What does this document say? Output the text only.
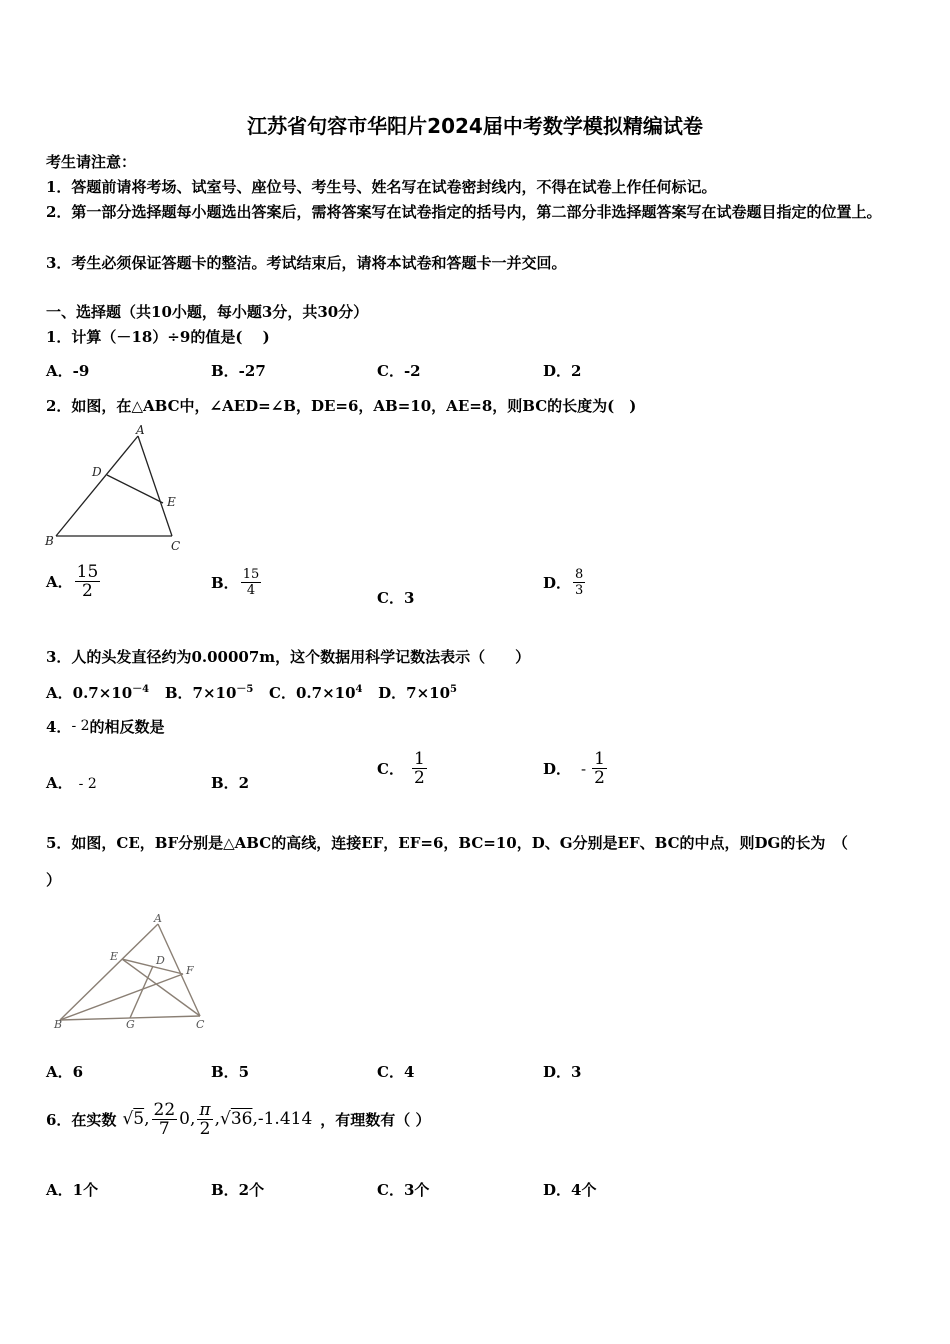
江苏省句容市华阳片2024届中考数学模拟精编试卷
考生请注意：
1．答题前请将考场、试室号、座位号、考生号、姓名写在试卷密封线内，不得在试卷上作任何标记。
2．第一部分选择题每小题选出答案后，需将答案写在试卷指定的括号内，第二部分非选择题答案写在试卷题目指定的位置上。
3．考生必须保证答题卡的整洁。考试结束后，请将本试卷和答题卡一并交回。
一、选择题（共10小题，每小题3分，共30分）
1．计算（－18）÷9的值是(　 )
A．-9	B．-27	C．-2	D．2
2．如图，在△ABC中，∠AED=∠B，DE=6，AB=10，AE=8，则BC的长度为(　)
A
D
E
B	C
A． $\frac{15}{2}$	B． $\frac{15}{4}$	C．3
D． $\frac{8}{3}$
3．人的头发直径约为0.00007m，这个数据用科学记数法表示（　　）
A．$0.7\times 10^{-4}$ B．$7\times 10^{-5}$ C．$0.7\times 10^4$ D．$7\times 10^5$
4．- 2的相反数是
A． - 2	B．2
C． $\frac{1}{2}$	D． - $\frac{1}{2}$
5．如图，CE，BF分别是△ABC的高线，连接EF，EF=6，BC=10，D、G分别是EF、BC的中点，则DG的长为　（
）
A
E	D
F
B	G	C
A．6	B．5	C．4	D．3
6．在实数 √5, $\frac{22}{7} 0$, $\frac{\pi}{2} ,√36,-1.414$ ，有理数有（ ）
A．1个	B．2个	C．3个	D．4个
